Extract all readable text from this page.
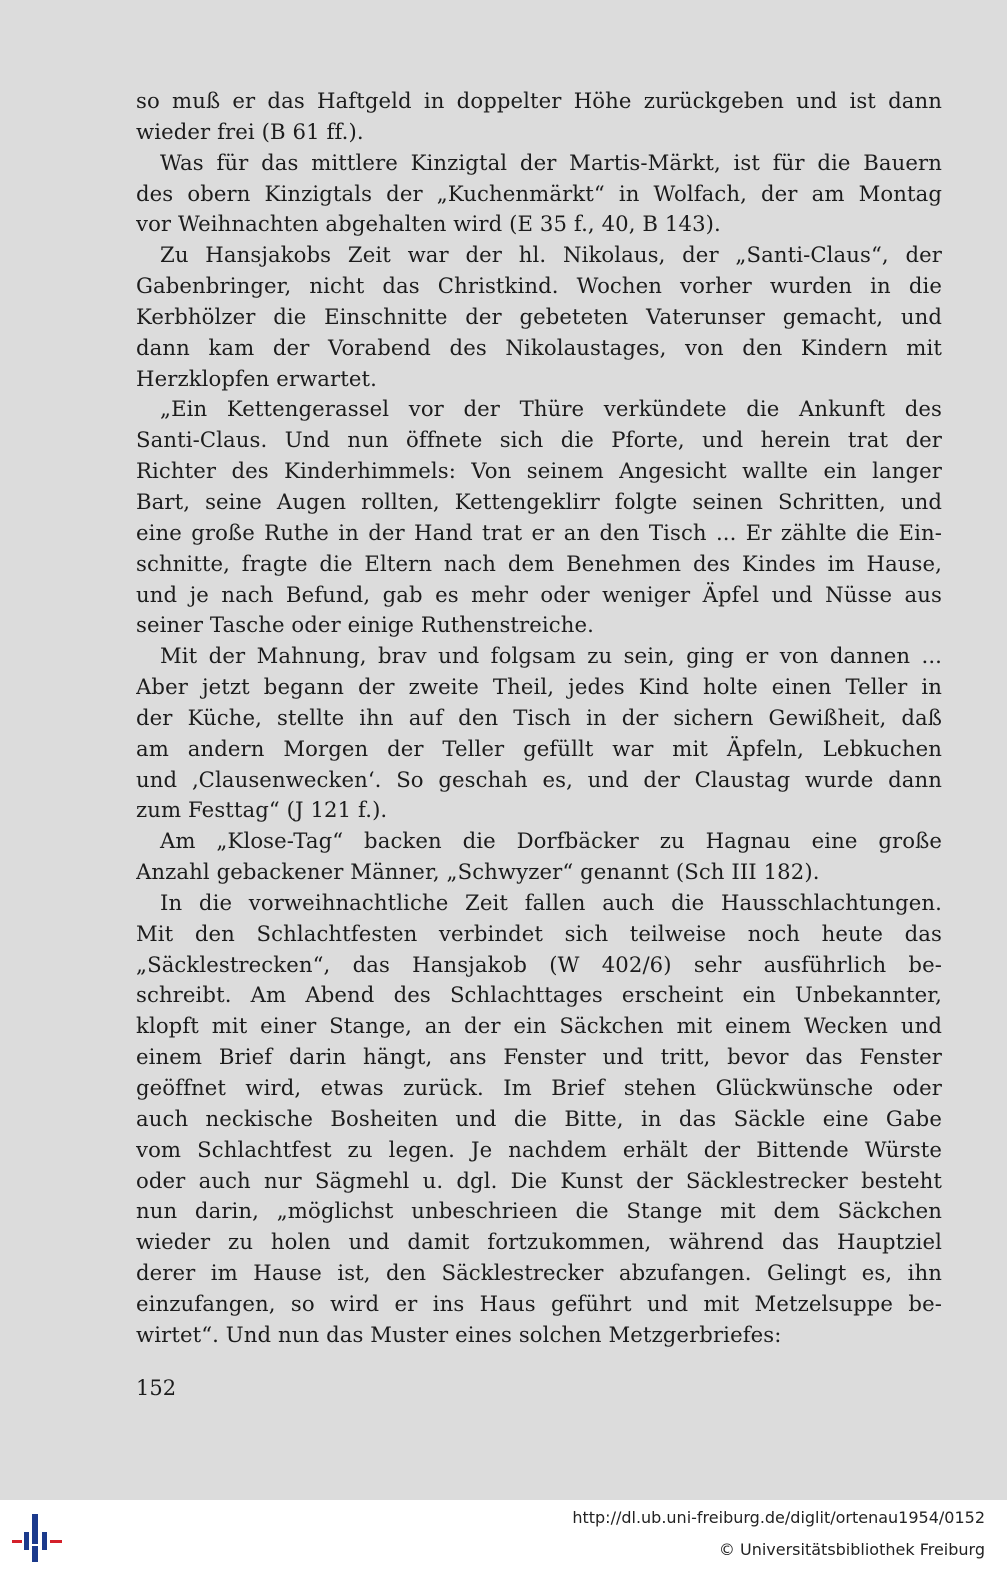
so muß er das Haftgeld in doppelter Höhe zurückgeben und ist dann
wieder frei (B 61 ff.).
Was für das mittlere Kinzigtal der Martis-Märkt, ist für die Bauern
des obern Kinzigtals der „Kuchenmärkt“ in Wolfach, der am Montag
vor Weihnachten abgehalten wird (E 35 f., 40, B 143).
Zu Hansjakobs Zeit war der hl. Nikolaus, der „Santi-Claus“, der
Gabenbringer, nicht das Christkind. Wochen vorher wurden in die
Kerbhölzer die Einschnitte der gebeteten Vaterunser gemacht, und
dann kam der Vorabend des Nikolaustages, von den Kindern mit
Herzklopfen erwartet.
„Ein Kettengerassel vor der Thüre verkündete die Ankunft des
Santi-Claus. Und nun öffnete sich die Pforte, und herein trat der
Richter des Kinderhimmels: Von seinem Angesicht wallte ein langer
Bart, seine Augen rollten, Kettengeklirr folgte seinen Schritten, und
eine große Ruthe in der Hand trat er an den Tisch ... Er zählte die Ein-
schnitte, fragte die Eltern nach dem Benehmen des Kindes im Hause,
und je nach Befund, gab es mehr oder weniger Äpfel und Nüsse aus
seiner Tasche oder einige Ruthenstreiche.
Mit der Mahnung, brav und folgsam zu sein, ging er von dannen ...
Aber jetzt begann der zweite Theil, jedes Kind holte einen Teller in
der Küche, stellte ihn auf den Tisch in der sichern Gewißheit, daß
am andern Morgen der Teller gefüllt war mit Äpfeln, Lebkuchen
und ‚Clausenwecken‘. So geschah es, und der Claustag wurde dann
zum Festtag“ (J 121 f.).
Am „Klose-Tag“ backen die Dorfbäcker zu Hagnau eine große
Anzahl gebackener Männer, „Schwyzer“ genannt (Sch III 182).
In die vorweihnachtliche Zeit fallen auch die Hausschlachtungen.
Mit den Schlachtfesten verbindet sich teilweise noch heute das
„Säcklestrecken“, das Hansjakob (W 402/6) sehr ausführlich be-
schreibt. Am Abend des Schlachttages erscheint ein Unbekannter,
klopft mit einer Stange, an der ein Säckchen mit einem Wecken und
einem Brief darin hängt, ans Fenster und tritt, bevor das Fenster
geöffnet wird, etwas zurück. Im Brief stehen Glückwünsche oder
auch neckische Bosheiten und die Bitte, in das Säckle eine Gabe
vom Schlachtfest zu legen. Je nachdem erhält der Bittende Würste
oder auch nur Sägmehl u. dgl. Die Kunst der Säcklestrecker besteht
nun darin, „möglichst unbeschrieen die Stange mit dem Säckchen
wieder zu holen und damit fortzukommen, während das Hauptziel
derer im Hause ist, den Säcklestrecker abzufangen. Gelingt es, ihn
einzufangen, so wird er ins Haus geführt und mit Metzelsuppe be-
wirtet“. Und nun das Muster eines solchen Metzgerbriefes:
152
http://dl.ub.uni-freiburg.de/diglit/ortenau1954/0152
© Universitätsbibliothek Freiburg
